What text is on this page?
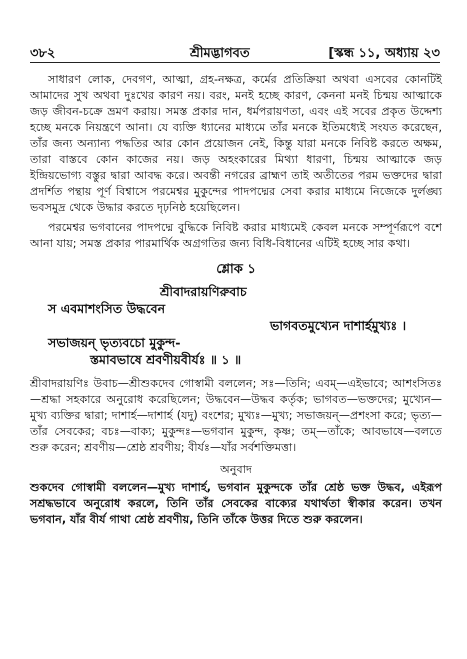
৩৮২	শ্রীমদ্ভাগবত	[স্কন্ধ ১১, অধ্যায় ২৩

সাধারণ লোক, দেবগণ, আত্মা, গ্রহ-নক্ষত্র, কর্মের প্রতিক্রিয়া অথবা এসবের কোনটিই আমাদের সুখ অথবা দুঃখের কারণ নয়। বরং, মনই হচ্ছে কারণ, কেননা মনই চিন্ময় আত্মাকে জড় জীবন-চক্রে ভ্রমণ করায়। সমস্ত প্রকার দান, ধর্মপরায়ণতা, এবং এই সবের প্রকৃত উদ্দেশ্য হচ্ছে মনকে নিয়ন্ত্রণে আনা। যে ব্যক্তি ধ্যানের মাধ্যমে তাঁর মনকে ইতিমধ্যেই সংযত করেছেন, তাঁর জন্য অন্যান্য পদ্ধতির আর কোন প্রয়োজন নেই, কিন্তু যারা মনকে নিবিষ্ট করতে অক্ষম, তারা বাস্তবে কোন কাজের নয়। জড় অহংকারের মিথ্যা ধারণা, চিন্ময় আত্মাকে জড় ইন্দ্রিয়ভোগ্য বস্তুর দ্বারা আবদ্ধ করে। অবন্তী নগরের ব্রাহ্মণ তাই অতীতের পরম ভক্তদের দ্বারা প্রদর্শিত পন্থায় পূর্ণ বিশ্বাসে পরমেশ্বর মুকুন্দের পাদপদ্মের সেবা করার মাধ্যমে নিজেকে দুর্লঙ্ঘ্য ভবসমুদ্র থেকে উদ্ধার করতে দৃঢ়নিষ্ঠ হয়েছিলেন।

পরমেশ্বর ভগবানের পাদপদ্মে বুদ্ধিকে নিবিষ্ট করার মাধ্যমেই কেবল মনকে সম্পূর্ণরূপে বশে আনা যায়; সমস্ত প্রকার পারমার্থিক অগ্রগতির জন্য বিধি-বিধানের এটিই হচ্ছে সার কথা।

শ্লোক ১
শ্রীবাদরায়ণিরুবাচ
স এবমাশংসিত উদ্ধবেন
ভাগবতমুখ্যেন দাশার্হমুখ্যঃ ।
সভাজয়ন্ ভৃত্যবচো মুকুন্দ-
স্তমাবভাষে শ্রবণীয়বীর্যঃ ॥ ১ ॥

শ্রীবাদরায়ণিঃ উবাচ—শ্রীশুকদেব গোস্বামী বললেন; সঃ—তিনি; এবম্—এইভাবে; আশংসিতঃ—শ্রদ্ধা সহকারে অনুরোধ করেছিলেন; উদ্ধবেন—উদ্ধব কর্তৃক; ভাগবত—ভক্তদের; মুখ্যেন—মুখ্য ব্যক্তির দ্বারা; দাশার্হ—দাশার্হ (যদু) বংশের; মুখ্যঃ—মুখ্য; সভাজয়ন্—প্রশংসা করে; ভৃত্য—তাঁর সেবকের; বচঃ—বাক্য; মুকুন্দঃ—ভগবান মুকুন্দ, কৃষ্ণ; তম্—তাঁকে; আবভাষে—বলতে শুরু করেন; শ্রবণীয়—শ্রেষ্ঠ শ্রবণীয়; বীর্যঃ—যাঁর সর্বশক্তিমত্তা।

অনুবাদ

শুকদেব গোস্বামী বললেন—মুখ্য দাশার্হ, ভগবান মুকুন্দকে তাঁর শ্রেষ্ঠ ভক্ত উদ্ধব, এইরূপ সশ্রদ্ধভাবে অনুরোধ করলে, তিনি তাঁর সেবকের বাক্যের যথার্থতা স্বীকার করেন। তখন ভগবান, যাঁর বীর্য গাথা শ্রেষ্ঠ শ্রবণীয়, তিনি তাঁকে উত্তর দিতে শুরু করলেন।
